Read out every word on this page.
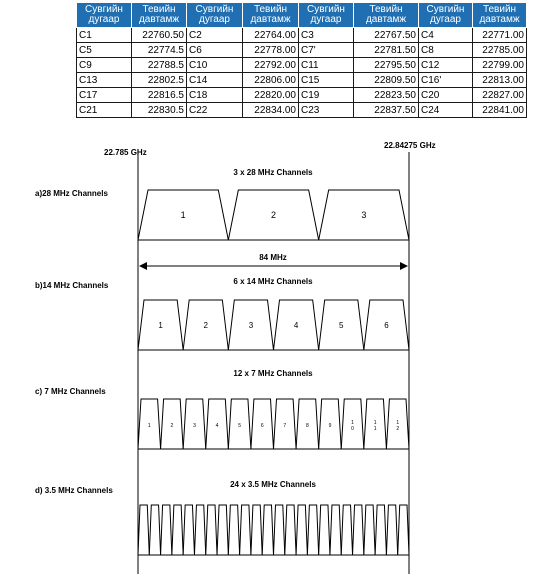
Сувгийн дугаар	Тевийн давтамж	Сувгийн дугаар	Тевийн давтамж	Сувгийн дугаар	Тевийн давтамж	Сувгийн дугаар	Тевийн давтамж
C1	22760.50	C2	22764.00	C3	22767.50	C4	22771.00
C5	22774.5	C6	22778.00	C7'	22781.50	C8	22785.00
C9	22788.5	C10	22792.00	C11	22795.50	C12	22799.00
C13	22802.5	C14	22806.00	C15	22809.50	C16'	22813.00
C17	22816.5	C18	22820.00	C19	22823.50	C20	22827.00
C21	22830.5	C22	22834.00	C23	22837.50	C24	22841.00
22.785 GHz
22.84275 GHz
84 MHz
a)28 MHz Channels
3 x 28 MHz Channels
1	2	3
b)14 MHz Channels	6 x 14 MHz Channels
1	2	3	4	5	6
c) 7 MHz Channels
12 x 7 MHz Channels
1	2	3	4	5	6	7	8	9	1 0
1 1
1 2
d) 3.5 MHz Channels
24 x 3.5 MHz Channels
